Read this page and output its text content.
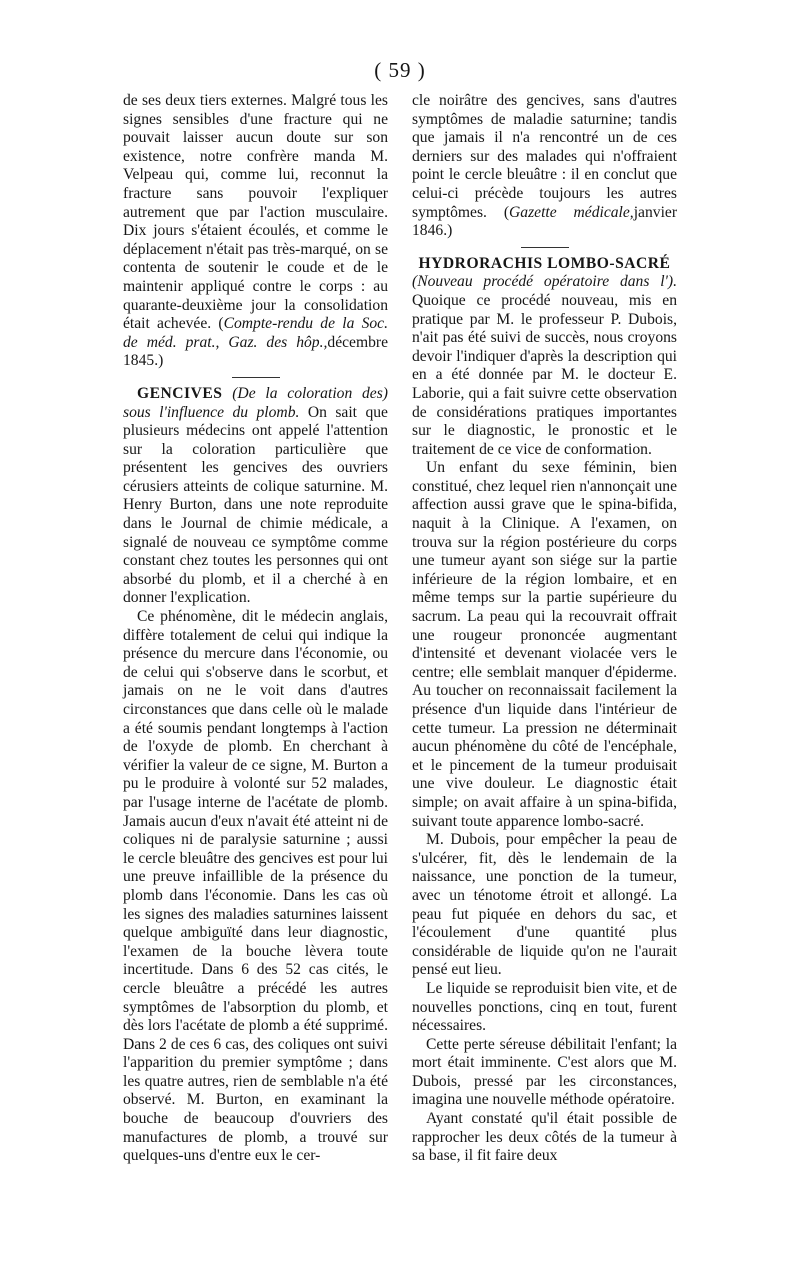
( 59 )

de ses deux tiers externes. Malgré tous les signes sensibles d'une fracture qui ne pouvait laisser aucun doute sur son existence, notre confrère manda M. Velpeau qui, comme lui, reconnut la fracture sans pouvoir l'expliquer autrement que par l'action musculaire. Dix jours s'étaient écoulés, et comme le déplacement n'était pas très-marqué, on se contenta de soutenir le coude et de le maintenir appliqué contre le corps : au quarante-deuxième jour la consolidation était achevée. (Compte-rendu de la Soc. de méd. prat., Gaz. des hôp.,décembre 1845.)

GENCIVES (De la coloration des) sous l'influence du plomb. On sait que plusieurs médecins ont appelé l'attention sur la coloration particulière que présentent les gencives des ouvriers cérusiers atteints de colique saturnine. M. Henry Burton, dans une note reproduite dans le Journal de chimie médicale, a signalé de nouveau ce symptôme comme constant chez toutes les personnes qui ont absorbé du plomb, et il a cherché à en donner l'explication.

Ce phénomène, dit le médecin anglais, diffère totalement de celui qui indique la présence du mercure dans l'économie, ou de celui qui s'observe dans le scorbut, et jamais on ne le voit dans d'autres circonstances que dans celle où le malade a été soumis pendant longtemps à l'action de l'oxyde de plomb. En cherchant à vérifier la valeur de ce signe, M. Burton a pu le produire à volonté sur 52 malades, par l'usage interne de l'acétate de plomb. Jamais aucun d'eux n'avait été atteint ni de coliques ni de paralysie saturnine ; aussi le cercle bleuâtre des gencives est pour lui une preuve infaillible de la présence du plomb dans l'économie. Dans les cas où les signes des maladies saturnines laissent quelque ambiguïté dans leur diagnostic, l'examen de la bouche lèvera toute incertitude. Dans 6 des 52 cas cités, le cercle bleuâtre a précédé les autres symptômes de l'absorption du plomb, et dès lors l'acétate de plomb a été supprimé. Dans 2 de ces 6 cas, des coliques ont suivi l'apparition du premier symptôme ; dans les quatre autres, rien de semblable n'a été observé. M. Burton, en examinant la bouche de beaucoup d'ouvriers des manufactures de plomb, a trouvé sur quelques-uns d'entre eux le cer-

cle noirâtre des gencives, sans d'autres symptômes de maladie saturnine; tandis que jamais il n'a rencontré un de ces derniers sur des malades qui n'offraient point le cercle bleuâtre : il en conclut que celui-ci précède toujours les autres symptômes. (Gazette médicale,janvier 1846.)

HYDRORACHIS LOMBO-SACRÉ
(Nouveau procédé opératoire dans l'). Quoique ce procédé nouveau, mis en pratique par M. le professeur P. Dubois, n'ait pas été suivi de succès, nous croyons devoir l'indiquer d'après la description qui en a été donnée par M. le docteur E. Laborie, qui a fait suivre cette observation de considérations pratiques importantes sur le diagnostic, le pronostic et le traitement de ce vice de conformation.

Un enfant du sexe féminin, bien constitué, chez lequel rien n'annonçait une affection aussi grave que le spina-bifida, naquit à la Clinique. A l'examen, on trouva sur la région postérieure du corps une tumeur ayant son siége sur la partie inférieure de la région lombaire, et en même temps sur la partie supérieure du sacrum. La peau qui la recouvrait offrait une rougeur prononcée augmentant d'intensité et devenant violacée vers le centre; elle semblait manquer d'épiderme. Au toucher on reconnaissait facilement la présence d'un liquide dans l'intérieur de cette tumeur. La pression ne déterminait aucun phénomène du côté de l'encéphale, et le pincement de la tumeur produisait une vive douleur. Le diagnostic était simple; on avait affaire à un spina-bifida, suivant toute apparence lombo-sacré.

M. Dubois, pour empêcher la peau de s'ulcérer, fit, dès le lendemain de la naissance, une ponction de la tumeur, avec un ténotome étroit et allongé. La peau fut piquée en dehors du sac, et l'écoulement d'une quantité plus considérable de liquide qu'on ne l'aurait pensé eut lieu.

Le liquide se reproduisit bien vite, et de nouvelles ponctions, cinq en tout, furent nécessaires.

Cette perte séreuse débilitait l'enfant; la mort était imminente. C'est alors que M. Dubois, pressé par les circonstances, imagina une nouvelle méthode opératoire.

Ayant constaté qu'il était possible de rapprocher les deux côtés de la tumeur à sa base, il fit faire deux
